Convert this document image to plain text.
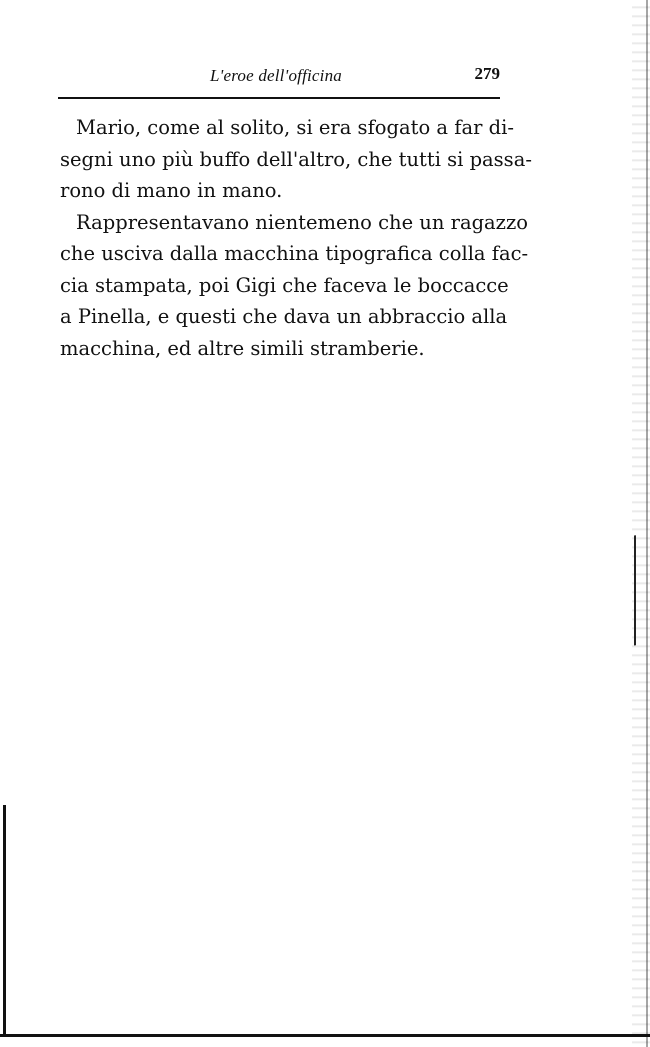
L'eroe dell'officina	279
Mario, come al solito, si era sfogato a far di-
segni uno più buffo dell'altro, che tutti si passa-
rono di mano in mano.
Rappresentavano nientemeno che un ragazzo
che usciva dalla macchina tipografica colla fac-
cia stampata, poi Gigi che faceva le boccacce
a Pinella, e questi che dava un abbraccio alla
macchina, ed altre simili stramberie.
